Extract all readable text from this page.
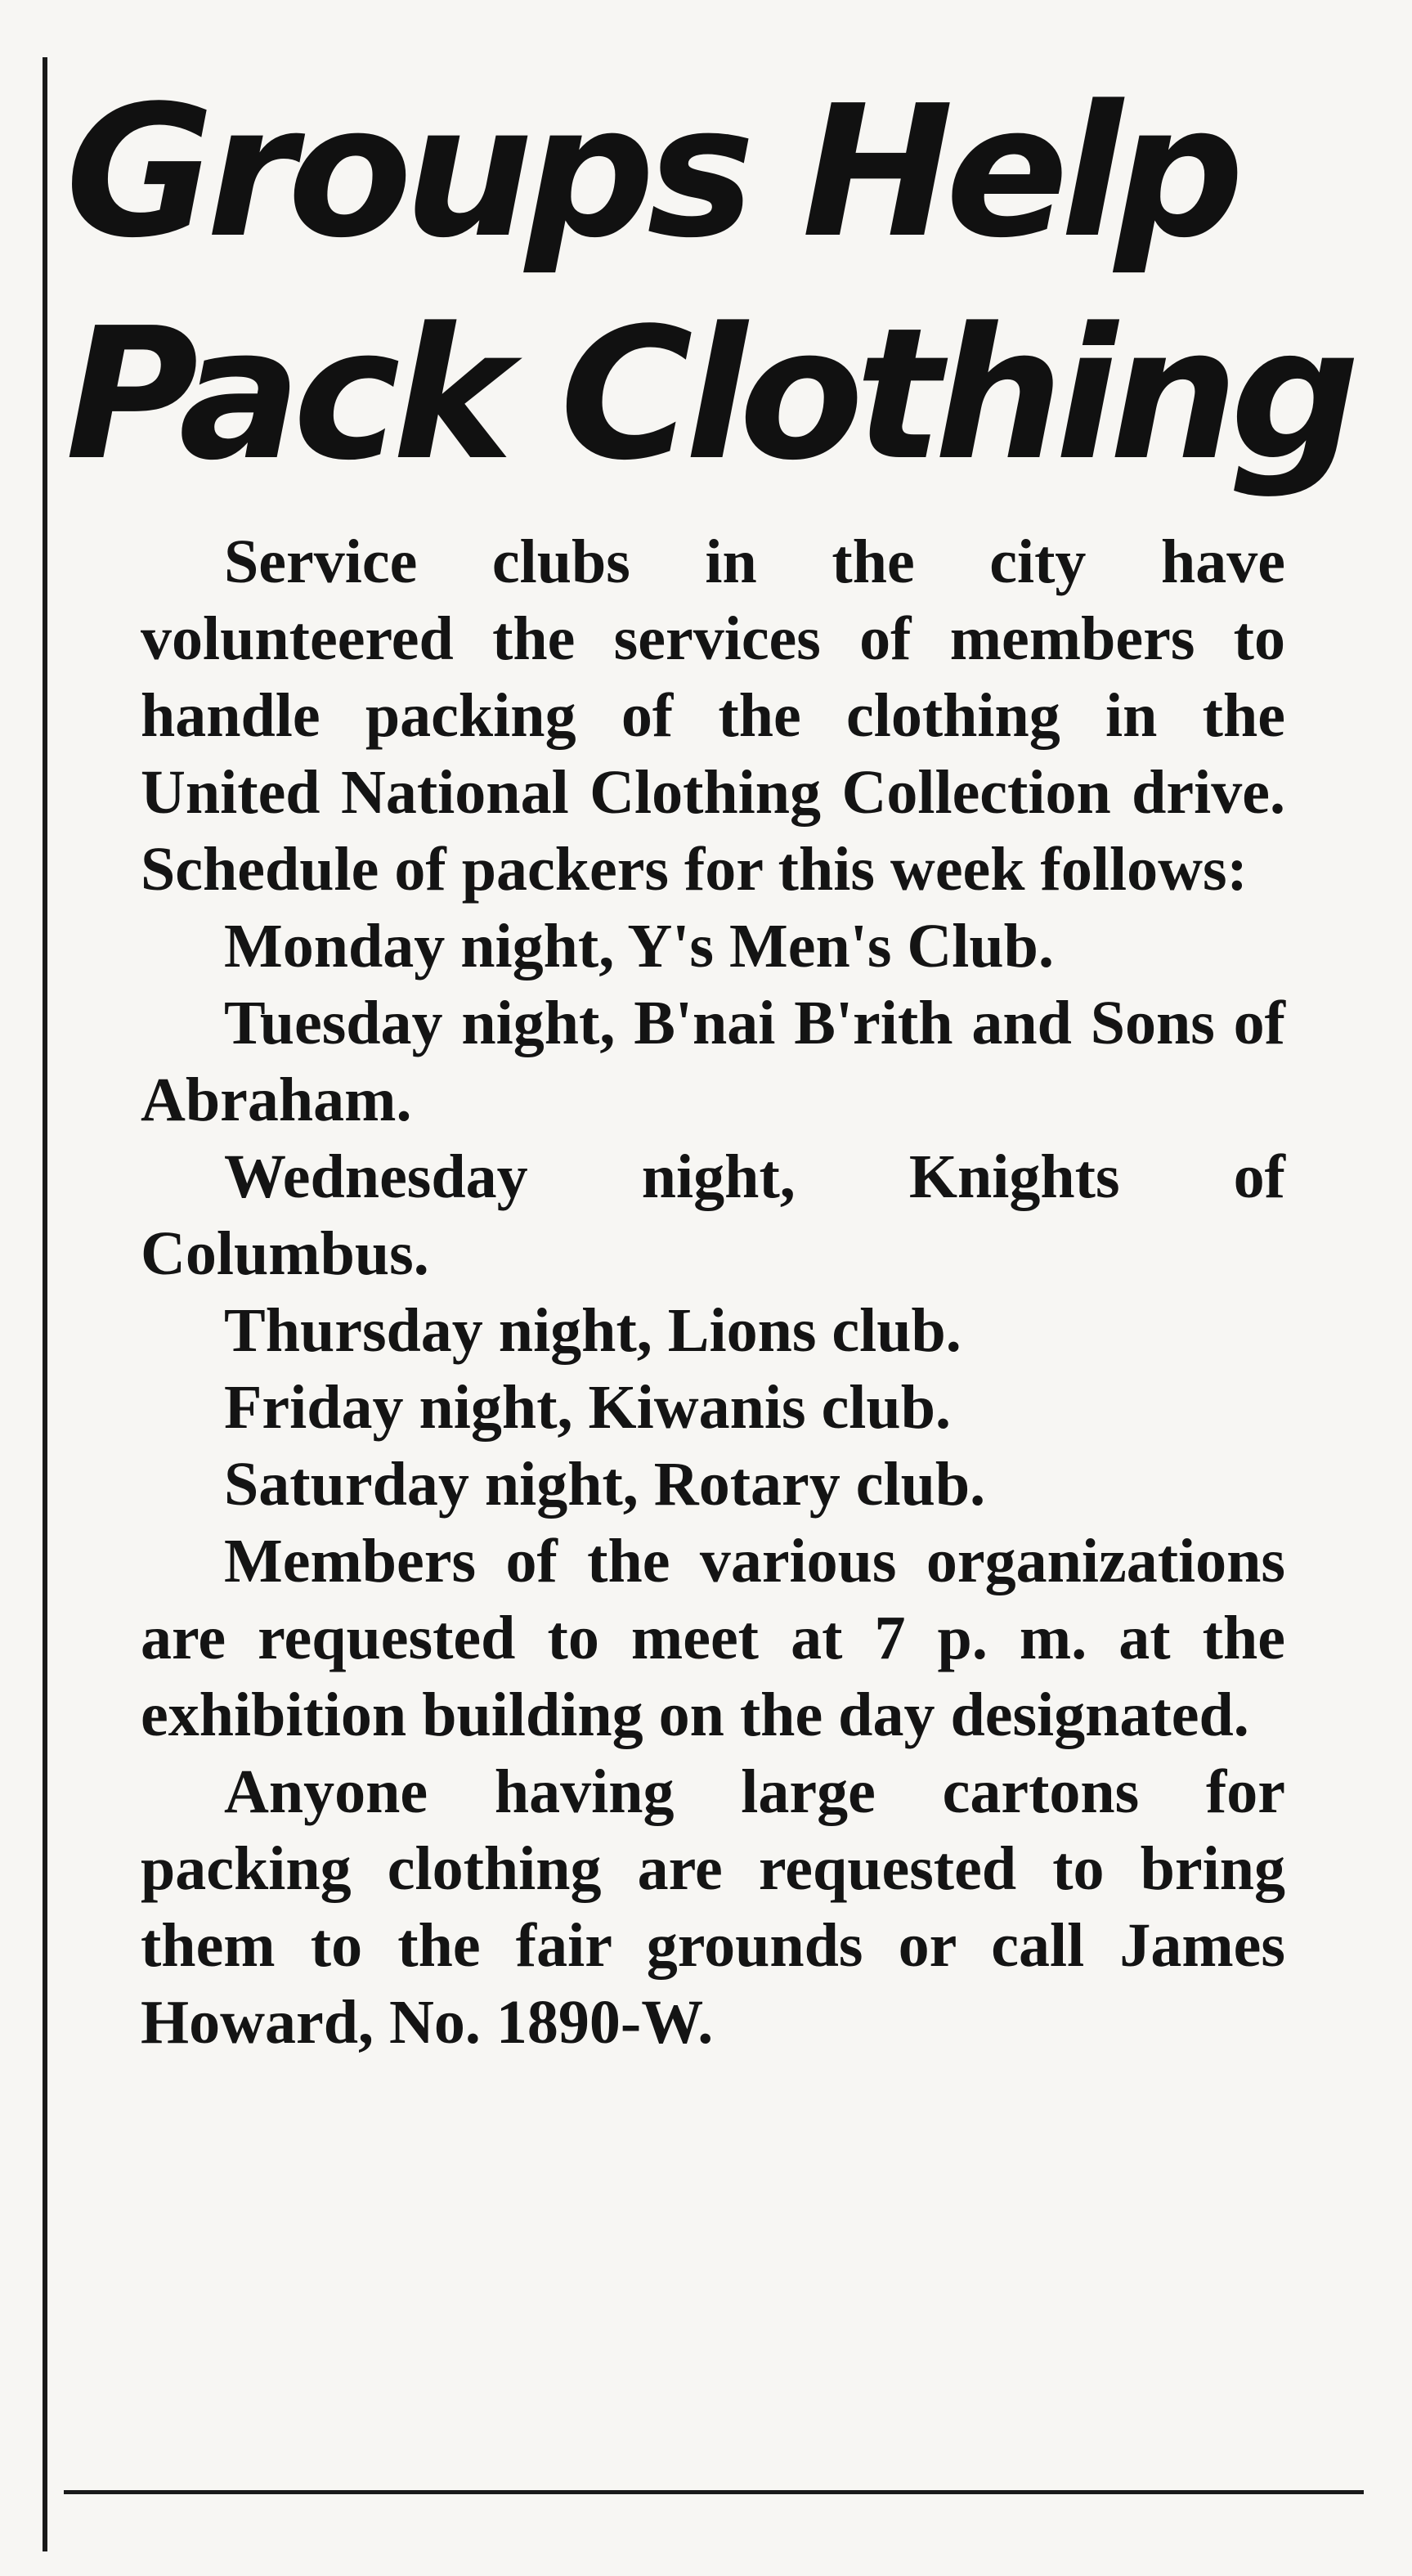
Groups Help
Pack Clothing

Service clubs in the city have volunteered the services of members to handle packing of the clothing in the United National Clothing Collection drive. Schedule of packers for this week follows:

Monday night, Y's Men's Club.

Tuesday night, B'nai B'rith and Sons of Abraham.

Wednesday night, Knights of Columbus.

Thursday night, Lions club.

Friday night, Kiwanis club.

Saturday night, Rotary club.

Members of the various organizations are requested to meet at 7 p. m. at the exhibition building on the day designated.

Anyone having large cartons for packing clothing are requested to bring them to the fair grounds or call James Howard, No. 1890-W.
